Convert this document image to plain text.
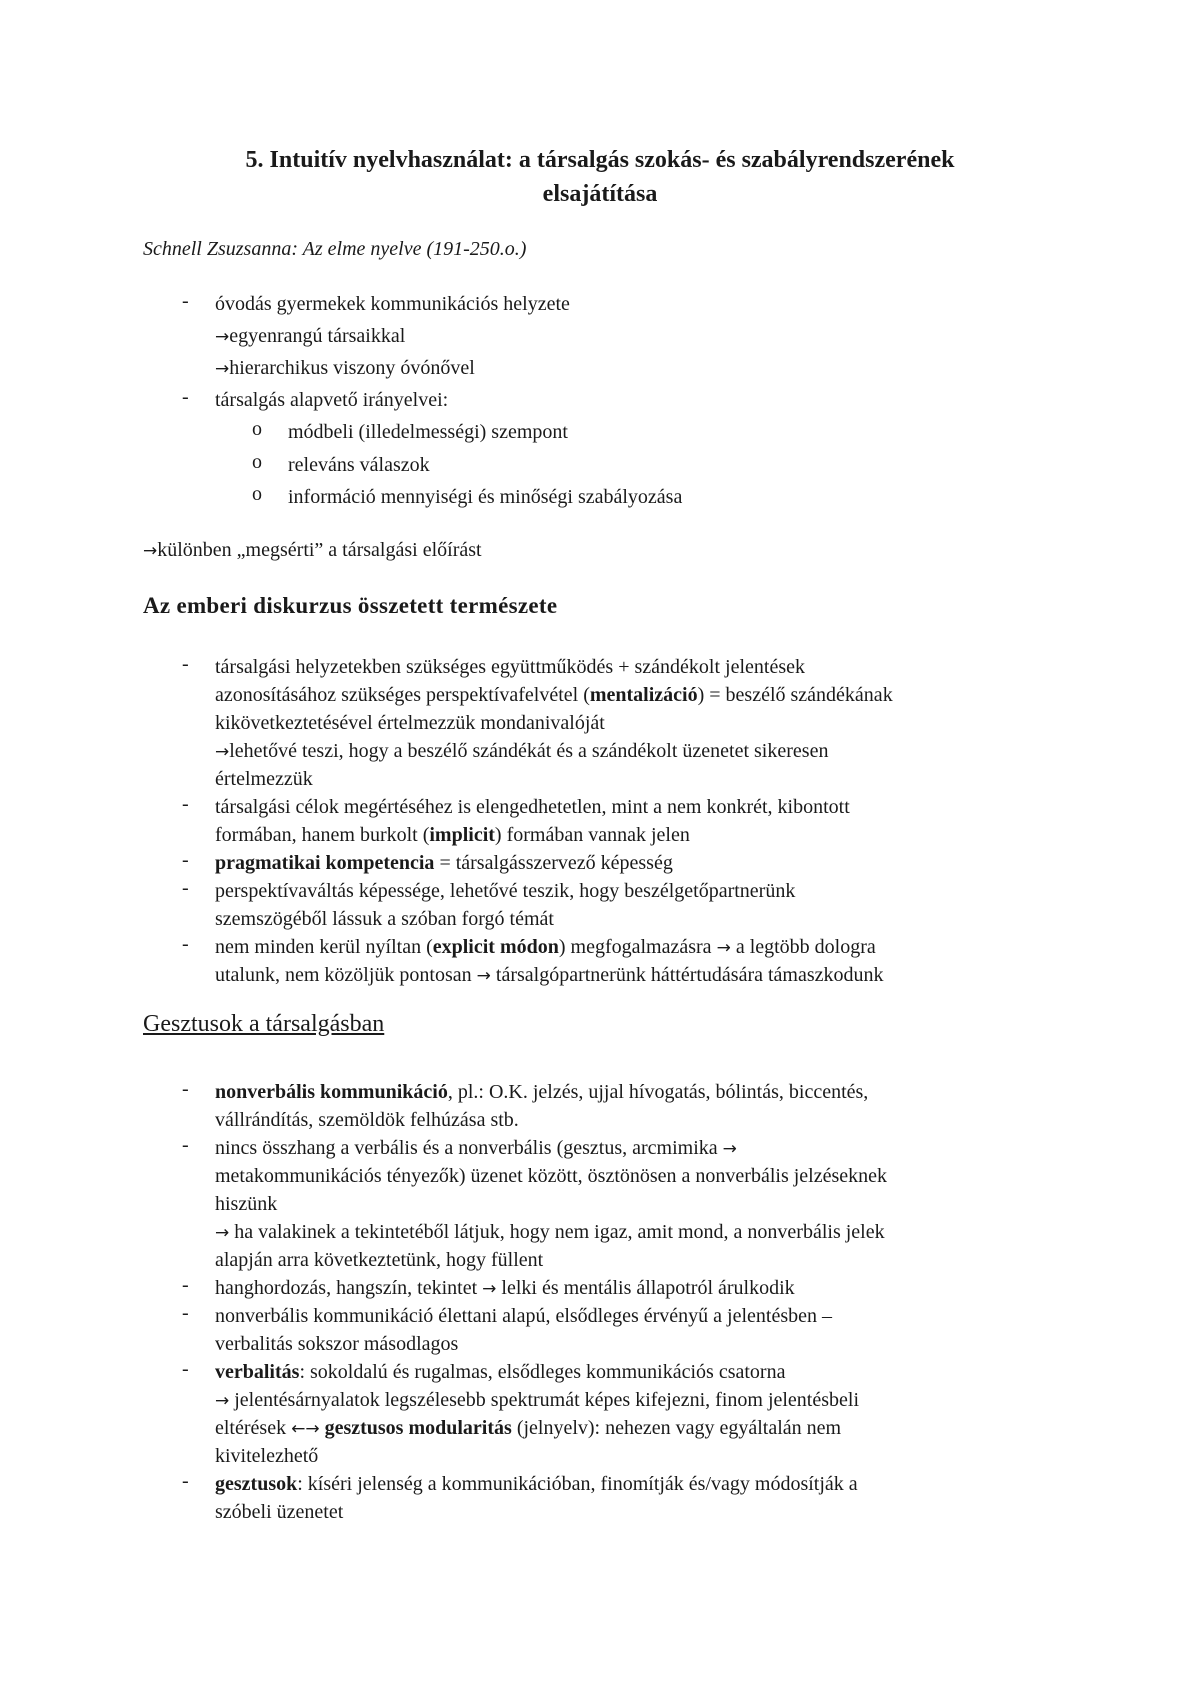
5. Intuitív nyelvhasználat: a társalgás szokás- és szabályrendszerének
elsajátítása
Schnell Zsuzsanna: Az elme nyelve (191-250.o.)
- óvodás gyermekek kommunikációs helyzete
→egyenrangú társaikkal
→hierarchikus viszony óvónővel
- társalgás alapvető irányelvei:
o módbeli (illedelmességi) szempont
o releváns válaszok
o információ mennyiségi és minőségi szabályozása
→különben „megsérti” a társalgási előírást
Az emberi diskurzus összetett természete
- társalgási helyzetekben szükséges együttműködés + szándékolt jelentések
azonosításához szükséges perspektívafelvétel (mentalizáció) = beszélő szándékának
kikövetkeztetésével értelmezzük mondanivalóját
→lehetővé teszi, hogy a beszélő szándékát és a szándékolt üzenetet sikeresen
értelmezzük
- társalgási célok megértéséhez is elengedhetetlen, mint a nem konkrét, kibontott
formában, hanem burkolt (implicit) formában vannak jelen
- pragmatikai kompetencia = társalgásszervező képesség
- perspektívaváltás képessége, lehetővé teszik, hogy beszélgetőpartnerünk
szemszögéből lássuk a szóban forgó témát
- nem minden kerül nyíltan (explicit módon) megfogalmazásra → a legtöbb dologra
utalunk, nem közöljük pontosan → társalgópartnerünk háttértudására támaszkodunk
Gesztusok a társalgásban
- nonverbális kommunikáció, pl.: O.K. jelzés, ujjal hívogatás, bólintás, biccentés,
vállrándítás, szemöldök felhúzása stb.
- nincs összhang a verbális és a nonverbális (gesztus, arcmimika →
metakommunikációs tényezők) üzenet között, ösztönösen a nonverbális jelzéseknek
hiszünk
→ ha valakinek a tekintetéből látjuk, hogy nem igaz, amit mond, a nonverbális jelek
alapján arra következtetünk, hogy füllent
- hanghordozás, hangszín, tekintet → lelki és mentális állapotról árulkodik
- nonverbális kommunikáció élettani alapú, elsődleges érvényű a jelentésben –
verbalitás sokszor másodlagos
- verbalitás: sokoldalú és rugalmas, elsődleges kommunikációs csatorna
→ jelentésárnyalatok legszélesebb spektrumát képes kifejezni, finom jelentésbeli
eltérések ←→ gesztusos modularitás (jelnyelv): nehezen vagy egyáltalán nem
kivitelezhető
- gesztusok: kíséri jelenség a kommunikációban, finomítják és/vagy módosítják a
szóbeli üzenetet
